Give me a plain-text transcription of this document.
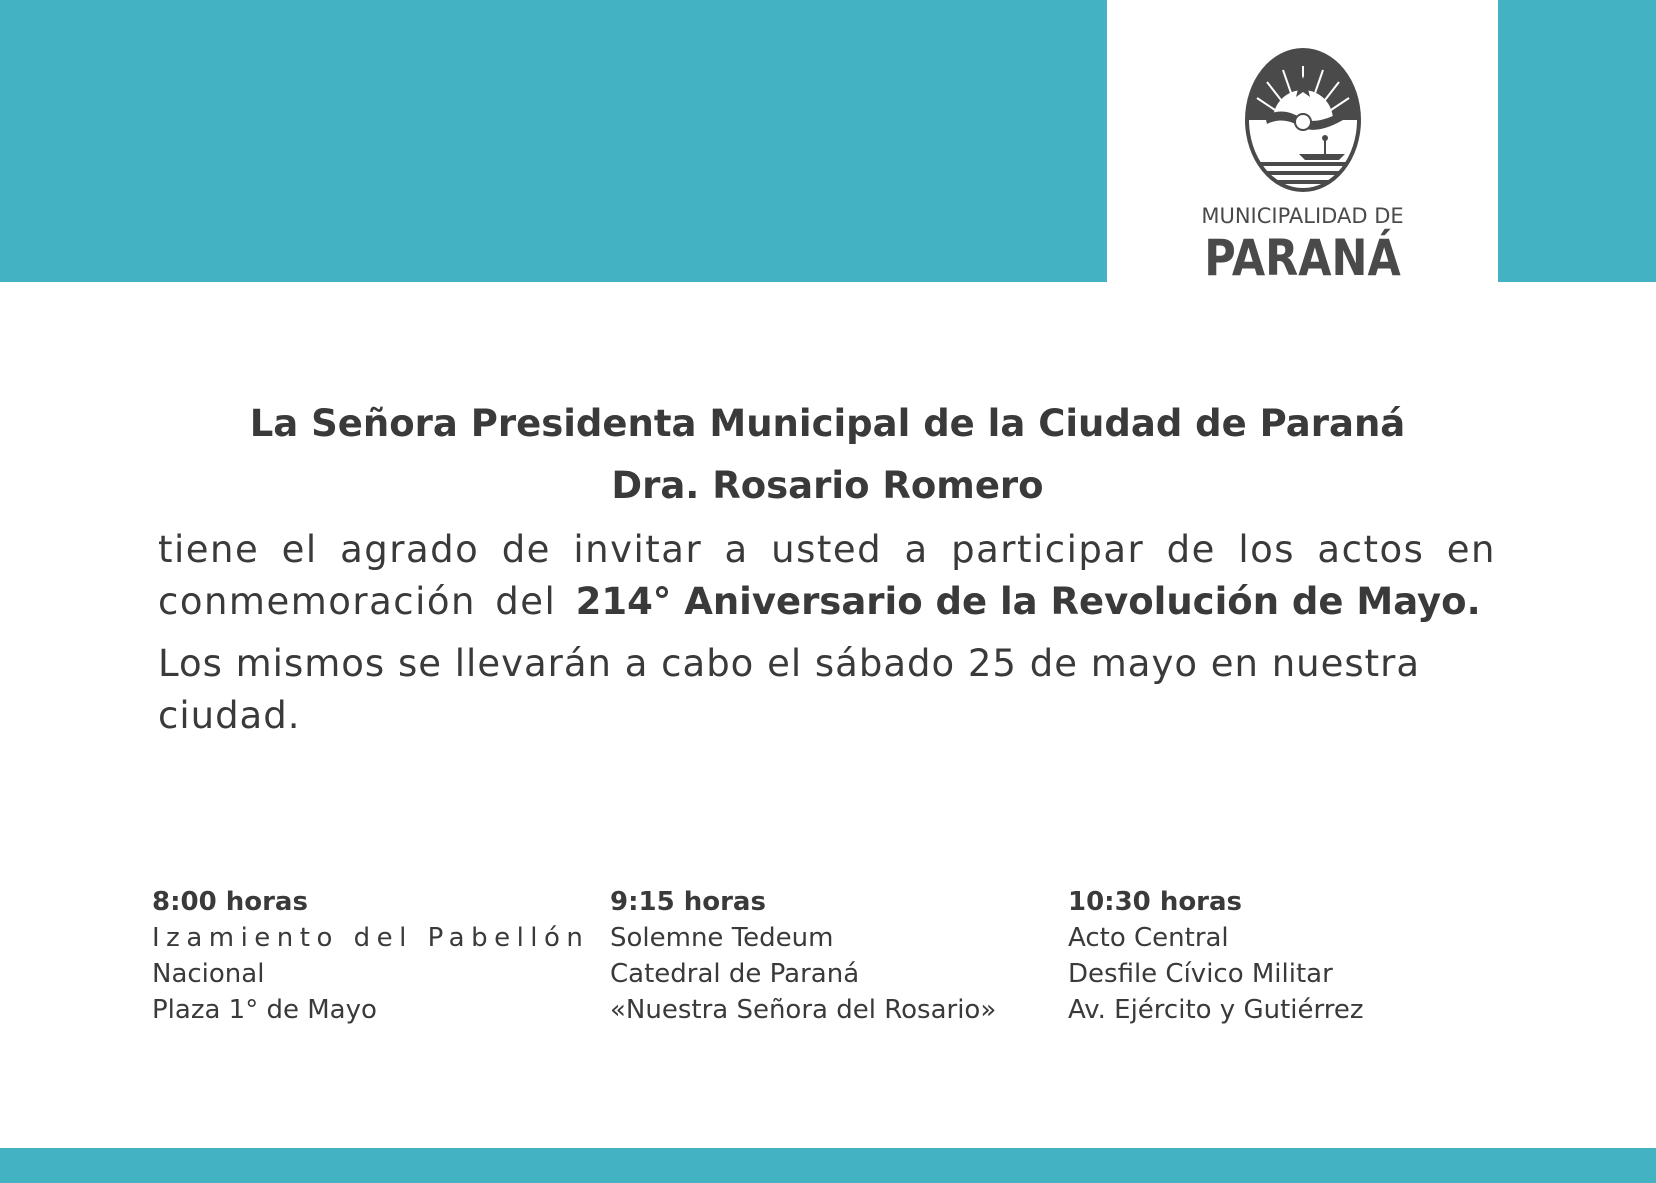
MUNICIPALIDAD DE
PARANÁ
La Señora Presidenta Municipal de la Ciudad de Paraná
Dra. Rosario Romero
tiene el agrado de invitar a usted a participar de los actos en conmemoración del 214° Aniversario de la Revolución de Mayo.
Los mismos se llevarán a cabo el sábado 25 de mayo en nuestra ciudad.
8:00 horas
Izamiento del Pabellón
Nacional
Plaza 1° de Mayo
9:15 horas
Solemne Tedeum
Catedral de Paraná
«Nuestra Señora del Rosario»
10:30 horas
Acto Central
Desfile Cívico Militar
Av. Ejército y Gutiérrez
